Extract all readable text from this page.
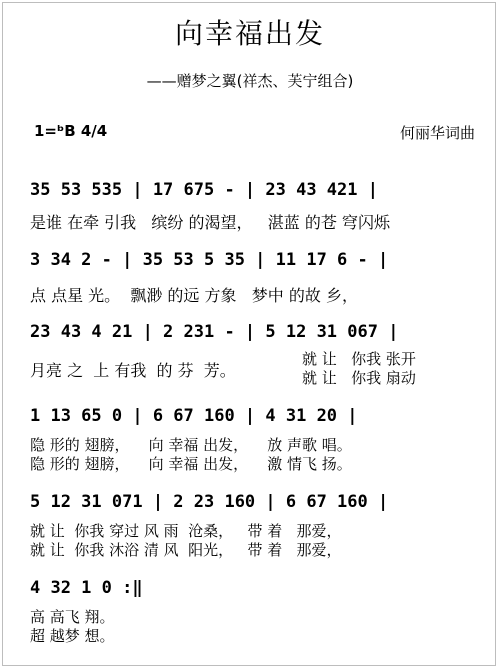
向幸福出发
——赠梦之翼(祥杰、芙宁组合)
1=ᵇB 4/4	何丽华词曲
35 53 535 | 17 675 - | 23 43 421 |
是谁 在牵 引我   缤纷 的渴望，   湛蓝 的苍 穹闪烁
3 34 2 - | 35 53 5 35 | 11 17 6 - |
点 点星 光。  飘渺 的远 方象   梦中 的故 乡，
23 43 4 21 | 2 231 - | 5 12 31 067 |
月亮 之  上 有我  的 芬  芳。
就 让   你我 张开
就 让   你我 扇动
1 13 65 0 | 6 67 160 | 4 31 20 |
隐 形的 翅膀，    向 幸福 出发，    放 声歌 唱。
隐 形的 翅膀，    向 幸福 出发，    激 情飞 扬。
5 12 31 071 | 2 23 160 | 6 67 160 |
就 让  你我 穿过 风 雨  沧桑，   带 着   那爱，
就 让  你我 沐浴 清 风  阳光，   带 着   那爱，
4 32 1 0 :‖
高 高飞 翔。
超 越梦 想。
